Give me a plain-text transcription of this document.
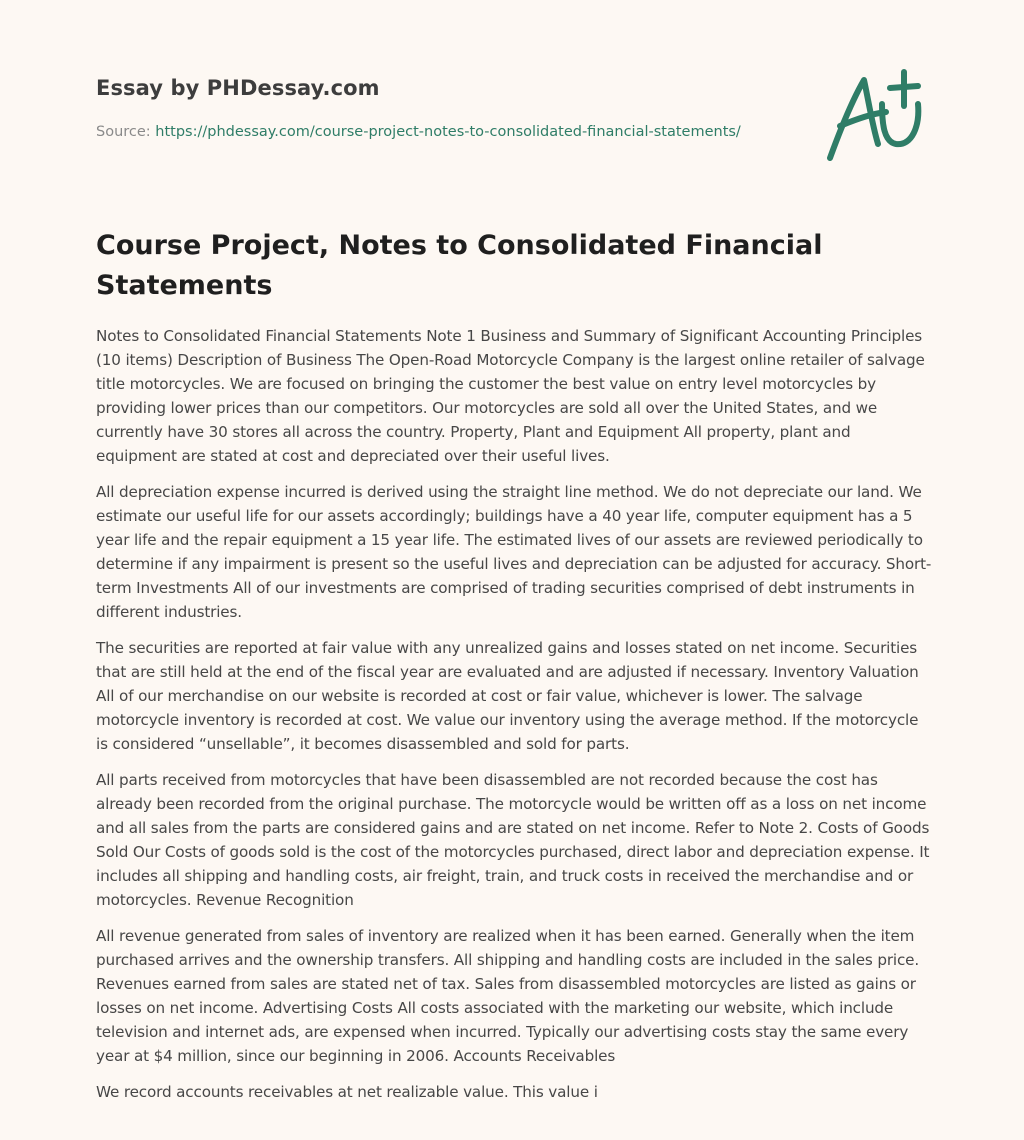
Essay by PHDessay.com
Source: https://phdessay.com/course-project-notes-to-consolidated-financial-statements/
Course Project, Notes to Consolidated Financial Statements

Notes to Consolidated Financial Statements Note 1 Business and Summary of Significant Accounting Principles (10 items) Description of Business The Open-Road Motorcycle Company is the largest online retailer of salvage title motorcycles. We are focused on bringing the customer the best value on entry level motorcycles by providing lower prices than our competitors. Our motorcycles are sold all over the United States, and we currently have 30 stores all across the country. Property, Plant and Equipment All property, plant and equipment are stated at cost and depreciated over their useful lives.

All depreciation expense incurred is derived using the straight line method. We do not depreciate our land. We estimate our useful life for our assets accordingly; buildings have a 40 year life, computer equipment has a 5 year life and the repair equipment a 15 year life. The estimated lives of our assets are reviewed periodically to determine if any impairment is present so the useful lives and depreciation can be adjusted for accuracy. Short-term Investments All of our investments are comprised of trading securities comprised of debt instruments in different industries.

The securities are reported at fair value with any unrealized gains and losses stated on net income. Securities that are still held at the end of the fiscal year are evaluated and are adjusted if necessary. Inventory Valuation All of our merchandise on our website is recorded at cost or fair value, whichever is lower. The salvage motorcycle inventory is recorded at cost. We value our inventory using the average method. If the motorcycle is considered “unsellable”, it becomes disassembled and sold for parts.

All parts received from motorcycles that have been disassembled are not recorded because the cost has already been recorded from the original purchase. The motorcycle would be written off as a loss on net income and all sales from the parts are considered gains and are stated on net income. Refer to Note 2. Costs of Goods Sold Our Costs of goods sold is the cost of the motorcycles purchased, direct labor and depreciation expense. It includes all shipping and handling costs, air freight, train, and truck costs in received the merchandise and or motorcycles. Revenue Recognition

All revenue generated from sales of inventory are realized when it has been earned. Generally when the item purchased arrives and the ownership transfers. All shipping and handling costs are included in the sales price. Revenues earned from sales are stated net of tax. Sales from disassembled motorcycles are listed as gains or losses on net income. Advertising Costs All costs associated with the marketing our website, which include television and internet ads, are expensed when incurred. Typically our advertising costs stay the same every year at $4 million, since our beginning in 2006. Accounts Receivables

We record accounts receivables at net realizable value. This value i
